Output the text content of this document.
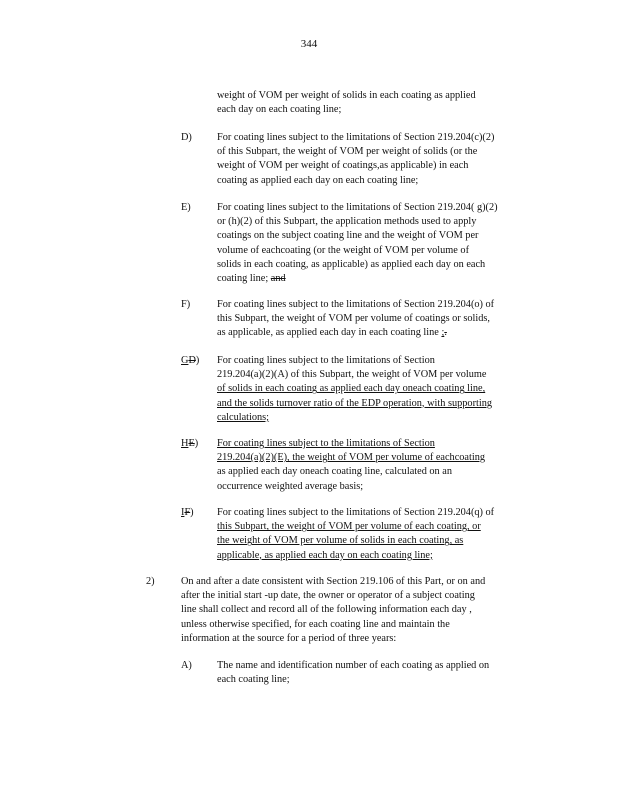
344
weight of VOM per weight of solids in each coating as applied
each day on each coating line;
D) For coating lines subject to the limitations of Section 219.204(c)(2)
of this Subpart, the weight of VOM per weight of solids (or the
weight of VOM per weight of coatings,as applicable) in each
coating as applied each day on each coating line;
E)	For coating lines subject to the limitations of Section 219.204( g)(2)
or (h)(2) of this Subpart, the application methods used to apply
coatings on the subject coating line and the weight of VOM per
volume of eachcoating (or the weight of VOM per volume of
solids in each coating, as applicable) as applied each day on each
coating line; and
F)	For coating lines subject to the limitations of Section 219.204(o) of
this Subpart, the weight of VOM per volume of coatings or solids,
as applicable, as applied each day in each coating line ;.
GD) For coating lines subject to the limitations of Section
219.204(a)(2)(A) of this Subpart, the weight of VOM per volume
of solids in each coating as applied each day oneach coating line,
and the solids turnover ratio of the EDP operation, with supporting
calculations;
HE) For coating lines subject to the limitations of Section
219.204(a)(2)(E), the weight of VOM per volume of eachcoating
as applied each day oneach coating line, calculated on an
occurrence weighted average basis;
IF) For coating lines subject to the limitations of Section 219.204(q) of
this Subpart, the weight of VOM per volume of each coating, or
the weight of VOM per volume of solids in each coating, as
applicable, as applied each day on each coating line;
2)	On and after a date consistent with Section 219.106 of this Part, or on and
after the initial start -up date, the owner or operator of a subject coating
line shall collect and record all of the following information each day ,
unless otherwise specified, for each coating line and maintain the
information at the source for a period of three years:
A) The name and identification number of each coating as applied on
each coating line;
